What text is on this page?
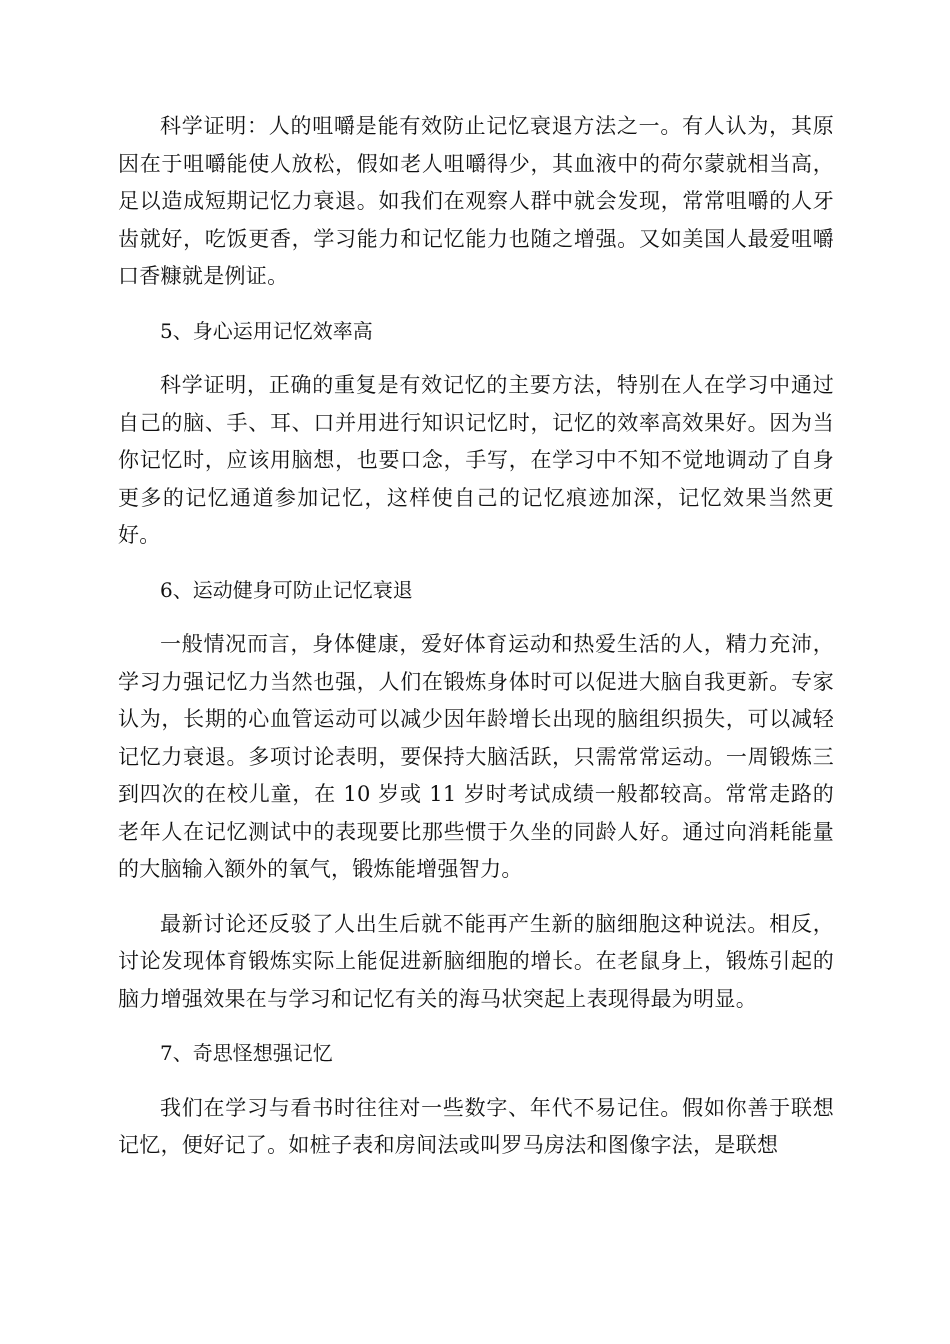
科学证明：人的咀嚼是能有效防止记忆衰退方法之一。有人认为，其原因在于咀嚼能使人放松，假如老人咀嚼得少，其血液中的荷尔蒙就相当高，足以造成短期记忆力衰退。如我们在观察人群中就会发现，常常咀嚼的人牙齿就好，吃饭更香，学习能力和记忆能力也随之增强。又如美国人最爱咀嚼口香糠就是例证。

5、身心运用记忆效率高

科学证明，正确的重复是有效记忆的主要方法，特别在人在学习中通过自己的脑、手、耳、口并用进行知识记忆时，记忆的效率高效果好。因为当你记忆时，应该用脑想，也要口念，手写，在学习中不知不觉地调动了自身更多的记忆通道参加记忆，这样使自己的记忆痕迹加深，记忆效果当然更好。

6、运动健身可防止记忆衰退

一般情况而言，身体健康，爱好体育运动和热爱生活的人，精力充沛，学习力强记忆力当然也强，人们在锻炼身体时可以促进大脑自我更新。专家认为，长期的心血管运动可以减少因年龄增长出现的脑组织损失，可以减轻记忆力衰退。多项讨论表明，要保持大脑活跃，只需常常运动。一周锻炼三到四次的在校儿童，在 10 岁或 11 岁时考试成绩一般都较高。常常走路的老年人在记忆测试中的表现要比那些惯于久坐的同龄人好。通过向消耗能量的大脑输入额外的氧气，锻炼能增强智力。

最新讨论还反驳了人出生后就不能再产生新的脑细胞这种说法。相反，讨论发现体育锻炼实际上能促进新脑细胞的增长。在老鼠身上，锻炼引起的脑力增强效果在与学习和记忆有关的海马状突起上表现得最为明显。

7、奇思怪想强记忆

我们在学习与看书时往往对一些数字、年代不易记住。假如你善于联想记忆，便好记了。如桩子表和房间法或叫罗马房法和图像字法，是联想
